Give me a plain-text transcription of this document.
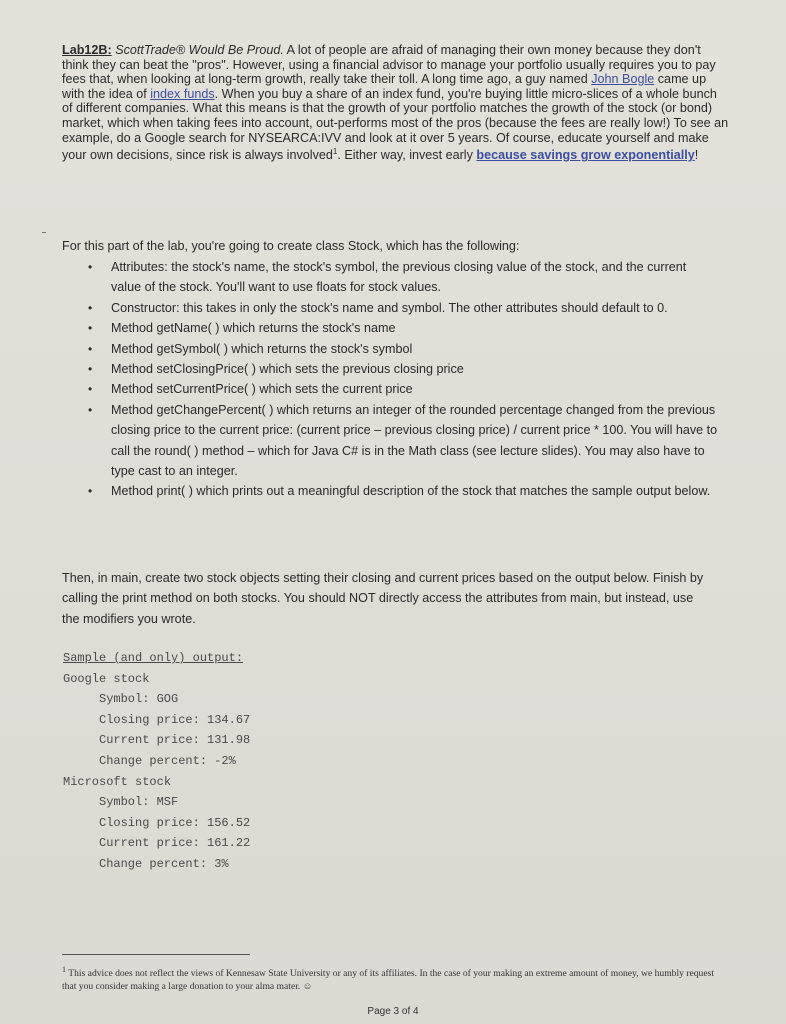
Lab12B: ScottTrade® Would Be Proud. A lot of people are afraid of managing their own money because they don't think they can beat the "pros". However, using a financial advisor to manage your portfolio usually requires you to pay fees that, when looking at long-term growth, really take their toll. A long time ago, a guy named John Bogle came up with the idea of index funds. When you buy a share of an index fund, you're buying little micro-slices of a whole bunch of different companies. What this means is that the growth of your portfolio matches the growth of the stock (or bond) market, which when taking fees into account, out-performs most of the pros (because the fees are really low!) To see an example, do a Google search for NYSEARCA:IVV and look at it over 5 years. Of course, educate yourself and make your own decisions, since risk is always involved$^1$. Either way, invest early because savings grow exponentially!
For this part of the lab, you're going to create class Stock, which has the following:
• Attributes: the stock's name, the stock's symbol, the previous closing value of the stock, and the current value of the stock. You'll want to use floats for stock values.
• Constructor: this takes in only the stock's name and symbol. The other attributes should default to 0.
• Method getName( ) which returns the stock's name
• Method getSymbol( ) which returns the stock's symbol
• Method setClosingPrice( ) which sets the previous closing price
• Method setCurrentPrice( ) which sets the current price
• Method getChangePercent( ) which returns an integer of the rounded percentage changed from the previous closing price to the current price: (current price – previous closing price) / current price * 100. You will have to call the round( ) method – which for Java C# is in the Math class (see lecture slides). You may also have to type cast to an integer.
• Method print( ) which prints out a meaningful description of the stock that matches the sample output below.
Then, in main, create two stock objects setting their closing and current prices based on the output below. Finish by calling the print method on both stocks. You should NOT directly access the attributes from main, but instead, use the modifiers you wrote.
Sample (and only) output:
Google stock

Symbol: GOG
Closing price: 134.67
Current price: 131.98
Change percent: -2%
Microsoft stock

Symbol: MSF
Closing price: 156.52
Current price: 161.22
Change percent: 3%
$^1$ This advice does not reflect the views of Kennesaw State University or any of its affiliates. In the case of your making an extreme amount of money, we humbly request that you consider making a large donation to your alma mater. ☺
Page 3 of 4
